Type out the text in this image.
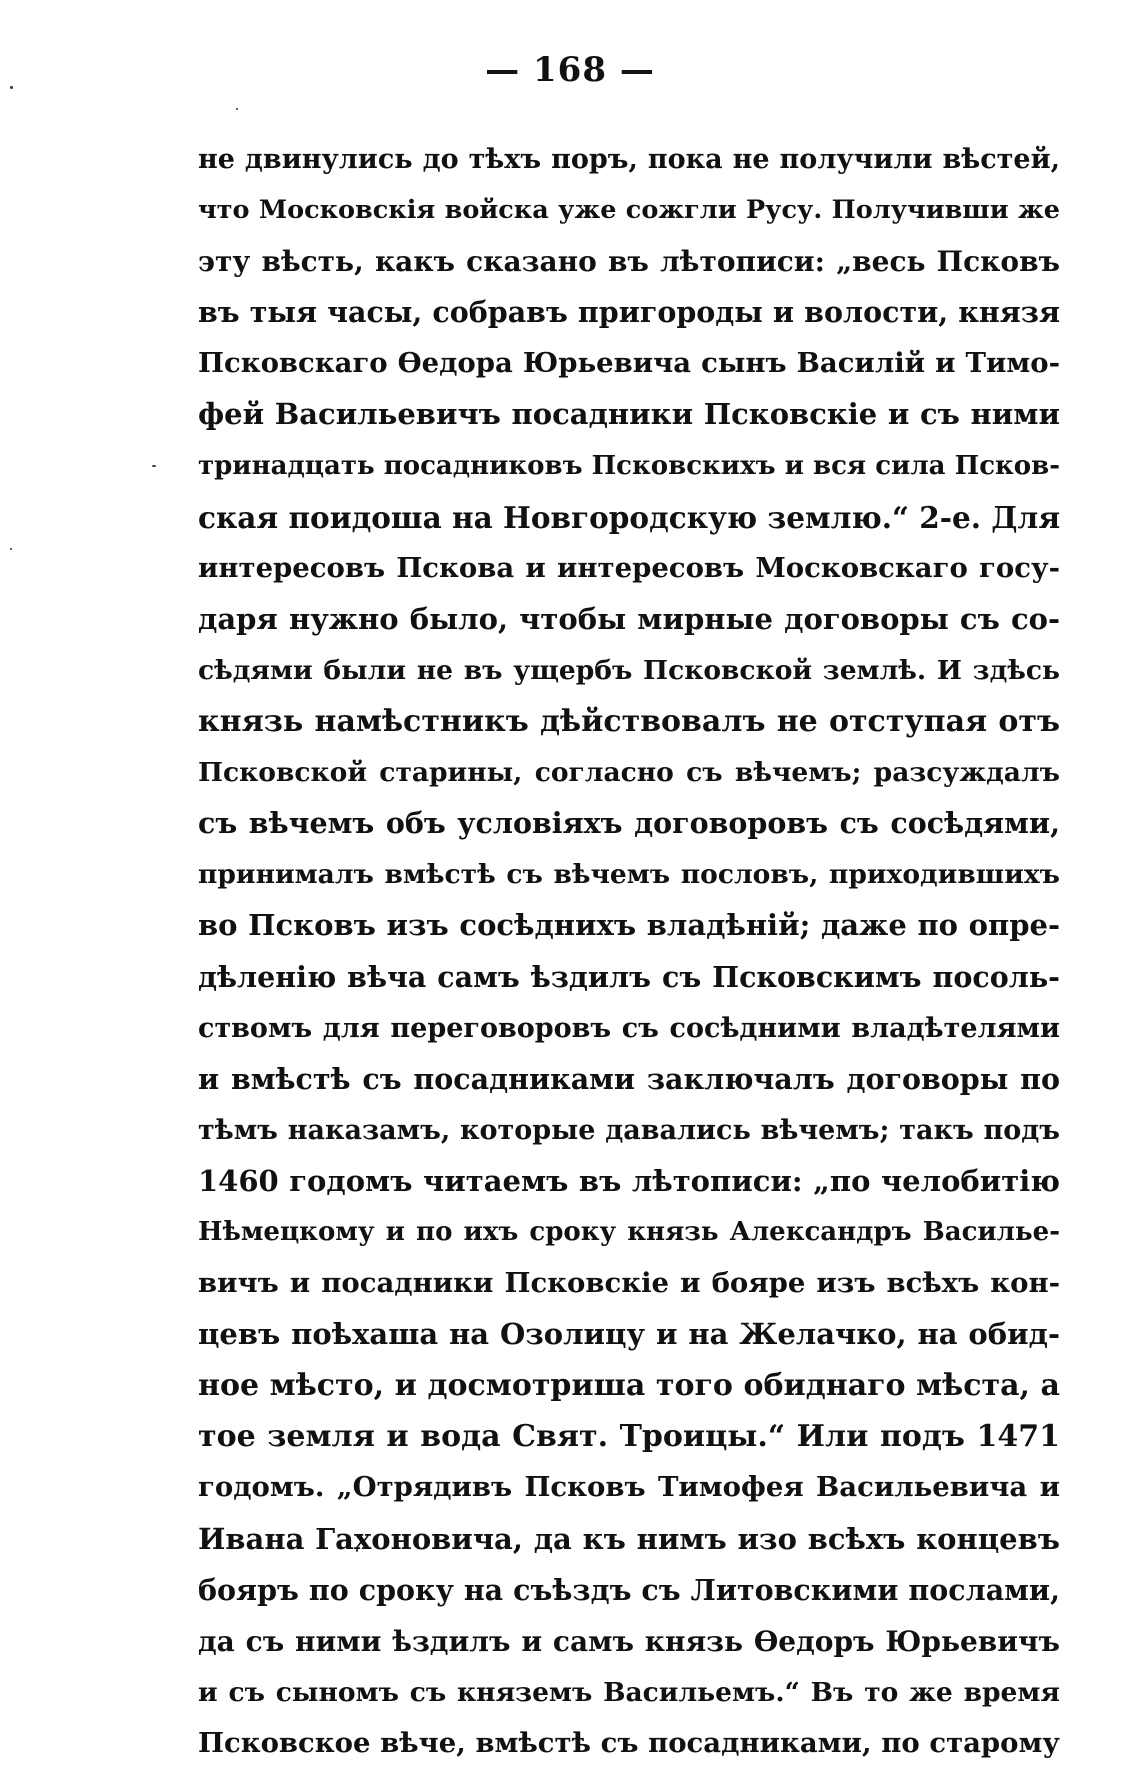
— 168 —
не двинулись до тѣхъ поръ, пока не получили вѣстей,
что Московскія войска уже сожгли Русу. Получивши же
эту вѣсть, какъ сказано въ лѣтописи: „весь Псковъ
въ тыя часы, собравъ пригороды и волости, князя
Псковскаго Ѳедора Юрьевича сынъ Василій и Тимо-
фей Васильевичъ посадники Псковскіе и съ ними
тринадцать посадниковъ Псковскихъ и вся сила Псков-
ская поидоша на Новгородскую землю.“ 2-е. Для
интересовъ Пскова и интересовъ Московскаго госу-
даря нужно было, чтобы мирные договоры съ со-
сѣдями были не въ ущербъ Псковской землѣ. И здѣсь
князь намѣстникъ дѣйствовалъ не отступая отъ
Псковской старины, согласно съ вѣчемъ; разсуждалъ
съ вѣчемъ объ условіяхъ договоровъ съ сосѣдями,
принималъ вмѣстѣ съ вѣчемъ пословъ, приходившихъ
во Псковъ изъ сосѣднихъ владѣній; даже по опре-
дѣленію вѣча самъ ѣздилъ съ Псковскимъ посоль-
ствомъ для переговоровъ съ сосѣдними владѣтелями
и вмѣстѣ съ посадниками заключалъ договоры по
тѣмъ наказамъ, которые давались вѣчемъ; такъ подъ
1460 годомъ читаемъ въ лѣтописи: „по челобитію
Нѣмецкому и по ихъ сроку князь Александръ Василье-
вичъ и посадники Псковскіе и бояре изъ всѣхъ кон-
цевъ поѣхаша на Озолицу и на Желачко, на обид-
ное мѣсто, и досмотриша того обиднаго мѣста, а
тое земля и вода Свят. Троицы.“ Или подъ 1471
годомъ. „Отрядивъ Псковъ Тимофея Васильевича и
Ивана Гахоновича, да къ нимъ изо всѣхъ концевъ
бояръ по сроку на съѣздъ съ Литовскими послами,
да съ ними ѣздилъ и самъ князь Ѳедоръ Юрьевичъ
и съ сыномъ съ княземъ Васильемъ.“ Въ то же время
Псковское вѣче, вмѣстѣ съ посадниками, по старому
